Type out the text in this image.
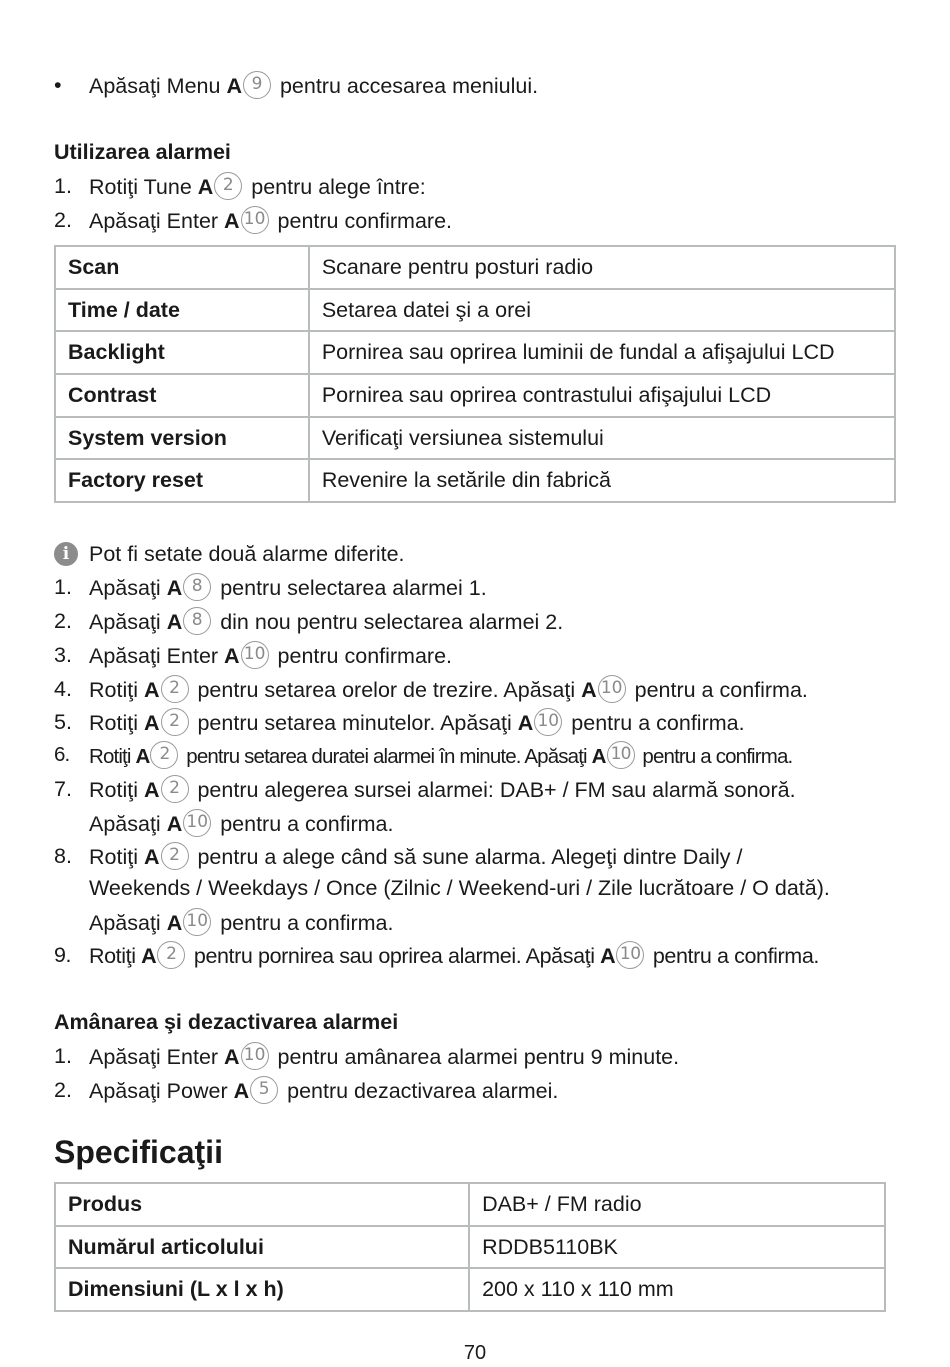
• Apăsaţi Menu A 9 pentru accesarea meniului.
Utilizarea alarmei
1. Rotiţi Tune A 2 pentru alege între:
2. Apăsaţi Enter A 10 pentru confirmare.
Scan	Scanare pentru posturi radio
Time / date	Setarea datei şi a orei
Backlight	Pornirea sau oprirea luminii de fundal a afişajului LCD
Contrast	Pornirea sau oprirea contrastului afişajului LCD
System version	Verificaţi versiunea sistemului
Factory reset	Revenire la setările din fabrică
i Pot fi setate două alarme diferite.
1. Apăsaţi A 8 pentru selectarea alarmei 1.
2. Apăsaţi A 8 din nou pentru selectarea alarmei 2.
3. Apăsaţi Enter A 10 pentru confirmare.
4. Rotiţi A 2 pentru setarea orelor de trezire. Apăsaţi A 10 pentru a confirma.
5. Rotiţi A 2 pentru setarea minutelor. Apăsaţi A 10 pentru a confirma.
6. Rotiţi A 2 pentru setarea duratei alarmei în minute. Apăsaţi A 10 pentru a confirma.
7. Rotiţi A 2 pentru alegerea sursei alarmei: DAB+ / FM sau alarmă sonoră.
Apăsaţi A 10 pentru a confirma.
8. Rotiţi A 2 pentru a alege când să sune alarma. Alegeţi dintre Daily /
Weekends / Weekdays / Once (Zilnic / Weekend-uri / Zile lucrătoare / O dată).
Apăsaţi A 10 pentru a confirma.
9. Rotiţi A 2 pentru pornirea sau oprirea alarmei. Apăsaţi A 10 pentru a confirma.
Amânarea şi dezactivarea alarmei
1. Apăsaţi Enter A 10 pentru amânarea alarmei pentru 9 minute.
2. Apăsaţi Power A 5 pentru dezactivarea alarmei.
Specificaţii
Produs	DAB+ / FM radio
Numărul articolului	RDDB5110BK
Dimensiuni (L x l x h)	200 x 110 x 110 mm
70
